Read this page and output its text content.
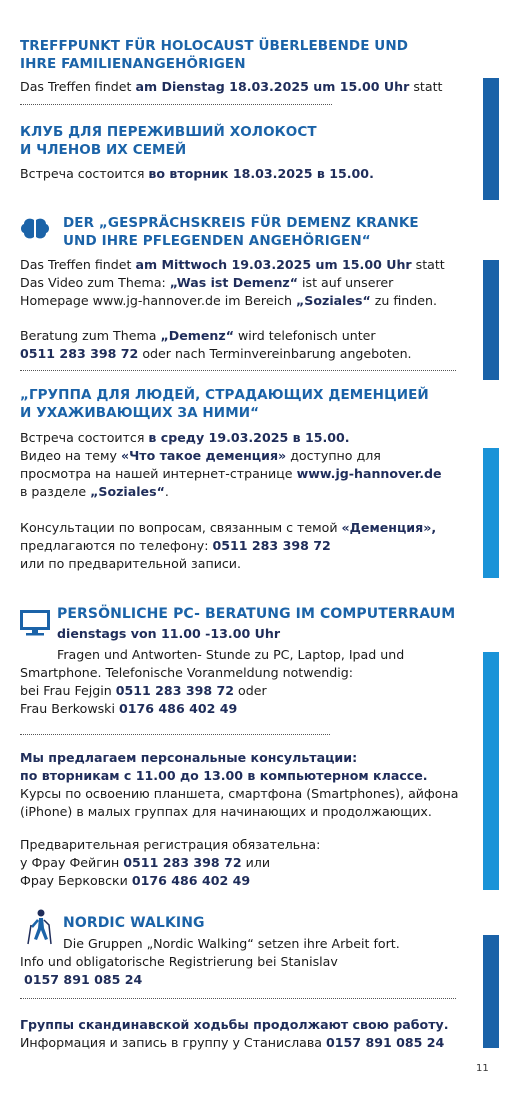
TREFFPUNKT FÜR HOLOCAUST ÜBERLEBENDE UND
IHRE FAMILIENANGEHÖRIGEN
Das Treffen findet am Dienstag 18.03.2025 um 15.00 Uhr statt
КЛУБ ДЛЯ ПЕРЕЖИВШИЙ ХОЛОКОСТ
И ЧЛЕНОВ ИХ СЕМЕЙ
Встреча состоится во вторник 18.03.2025 в 15.00.
DER „GESPRÄCHSKREIS FÜR DEMENZ KRANKE
UND IHRE PFLEGENDEN ANGEHÖRIGEN“
Das Treffen findet am Mittwoch 19.03.2025 um 15.00 Uhr statt
Das Video zum Thema: „Was ist Demenz“ ist auf unserer
Homepage www.jg-hannover.de im Bereich „Soziales“ zu finden.
Beratung zum Thema „Demenz“ wird telefonisch unter
0511 283 398 72 oder nach Terminvereinbarung angeboten.
„ГРУППА ДЛЯ ЛЮДЕЙ, СТРАДАЮЩИХ ДЕМЕНЦИЕЙ
И УХАЖИВАЮЩИХ ЗА НИМИ“
Встреча состоится в среду 19.03.2025 в 15.00.
Видео на тему «Что такое деменция» доступно для
просмотра на нашей интернет-странице www.jg-hannover.de
в разделе „Soziales“.
Консультации по вопросам, связанным с темой «Деменция»,
предлагаются по телефону: 0511 283 398 72
или по предварительной записи.
PERSÖNLICHE PC- BERATUNG IM COMPUTERRAUM
dienstags von 11.00 -13.00 Uhr
Fragen und Antworten- Stunde zu PC, Laptop, Ipad und
Smartphone. Telefonische Voranmeldung notwendig:
bei Frau Fejgin 0511 283 398 72 oder
Frau Berkowski 0176 486 402 49
Мы предлагаем персональные консультации:
по вторникам с 11.00 до 13.00 в компьютерном классе.
Курсы по освоению планшета, смартфона (Smartphones), айфона
(iPhone) в малых группах для начинающих и продолжающих.
Предварительная регистрация обязательна:
у Фрау Фейгин 0511 283 398 72 или
Фрау Берковски 0176 486 402 49
NORDIC WALKING
Die Gruppen „Nordic Walking“ setzen ihre Arbeit fort.
Info und obligatorische Registrierung bei Stanislav
0157 891 085 24
Группы скандинавской ходьбы продолжают свою работу.
Информация и запись в группу у Станислава 0157 891 085 24
11
